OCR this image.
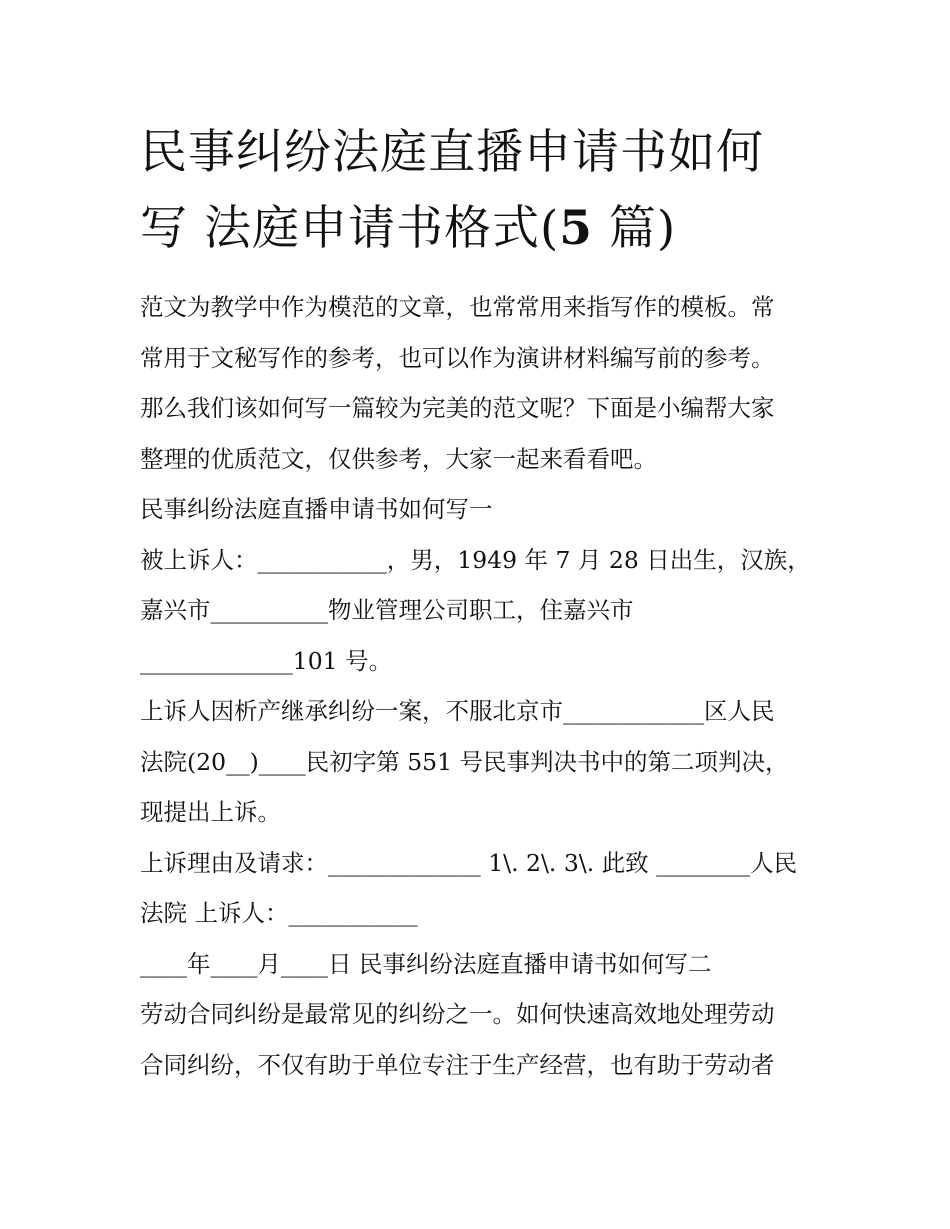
民事纠纷法庭直播申请书如何
写 法庭申请书格式(5 篇)
范文为教学中作为模范的文章，也常常用来指写作的模板。常
常用于文秘写作的参考，也可以作为演讲材料编写前的参考。
那么我们该如何写一篇较为完美的范文呢？下面是小编帮大家
整理的优质范文，仅供参考，大家一起来看看吧。
民事纠纷法庭直播申请书如何写一
被上诉人：___________，男，1949 年 7 月 28 日出生，汉族，
嘉兴市__________物业管理公司职工，住嘉兴市
_____________101 号。
上诉人因析产继承纠纷一案，不服北京市____________区人民
法院(20__)____民初字第 551 号民事判决书中的第二项判决，
现提出上诉。
上诉理由及请求：_____________ 1\. 2\. 3\. 此致 ________人民
法院 上诉人：___________
____年____月____日 民事纠纷法庭直播申请书如何写二
劳动合同纠纷是最常见的纠纷之一。如何快速高效地处理劳动
合同纠纷，不仅有助于单位专注于生产经营，也有助于劳动者
